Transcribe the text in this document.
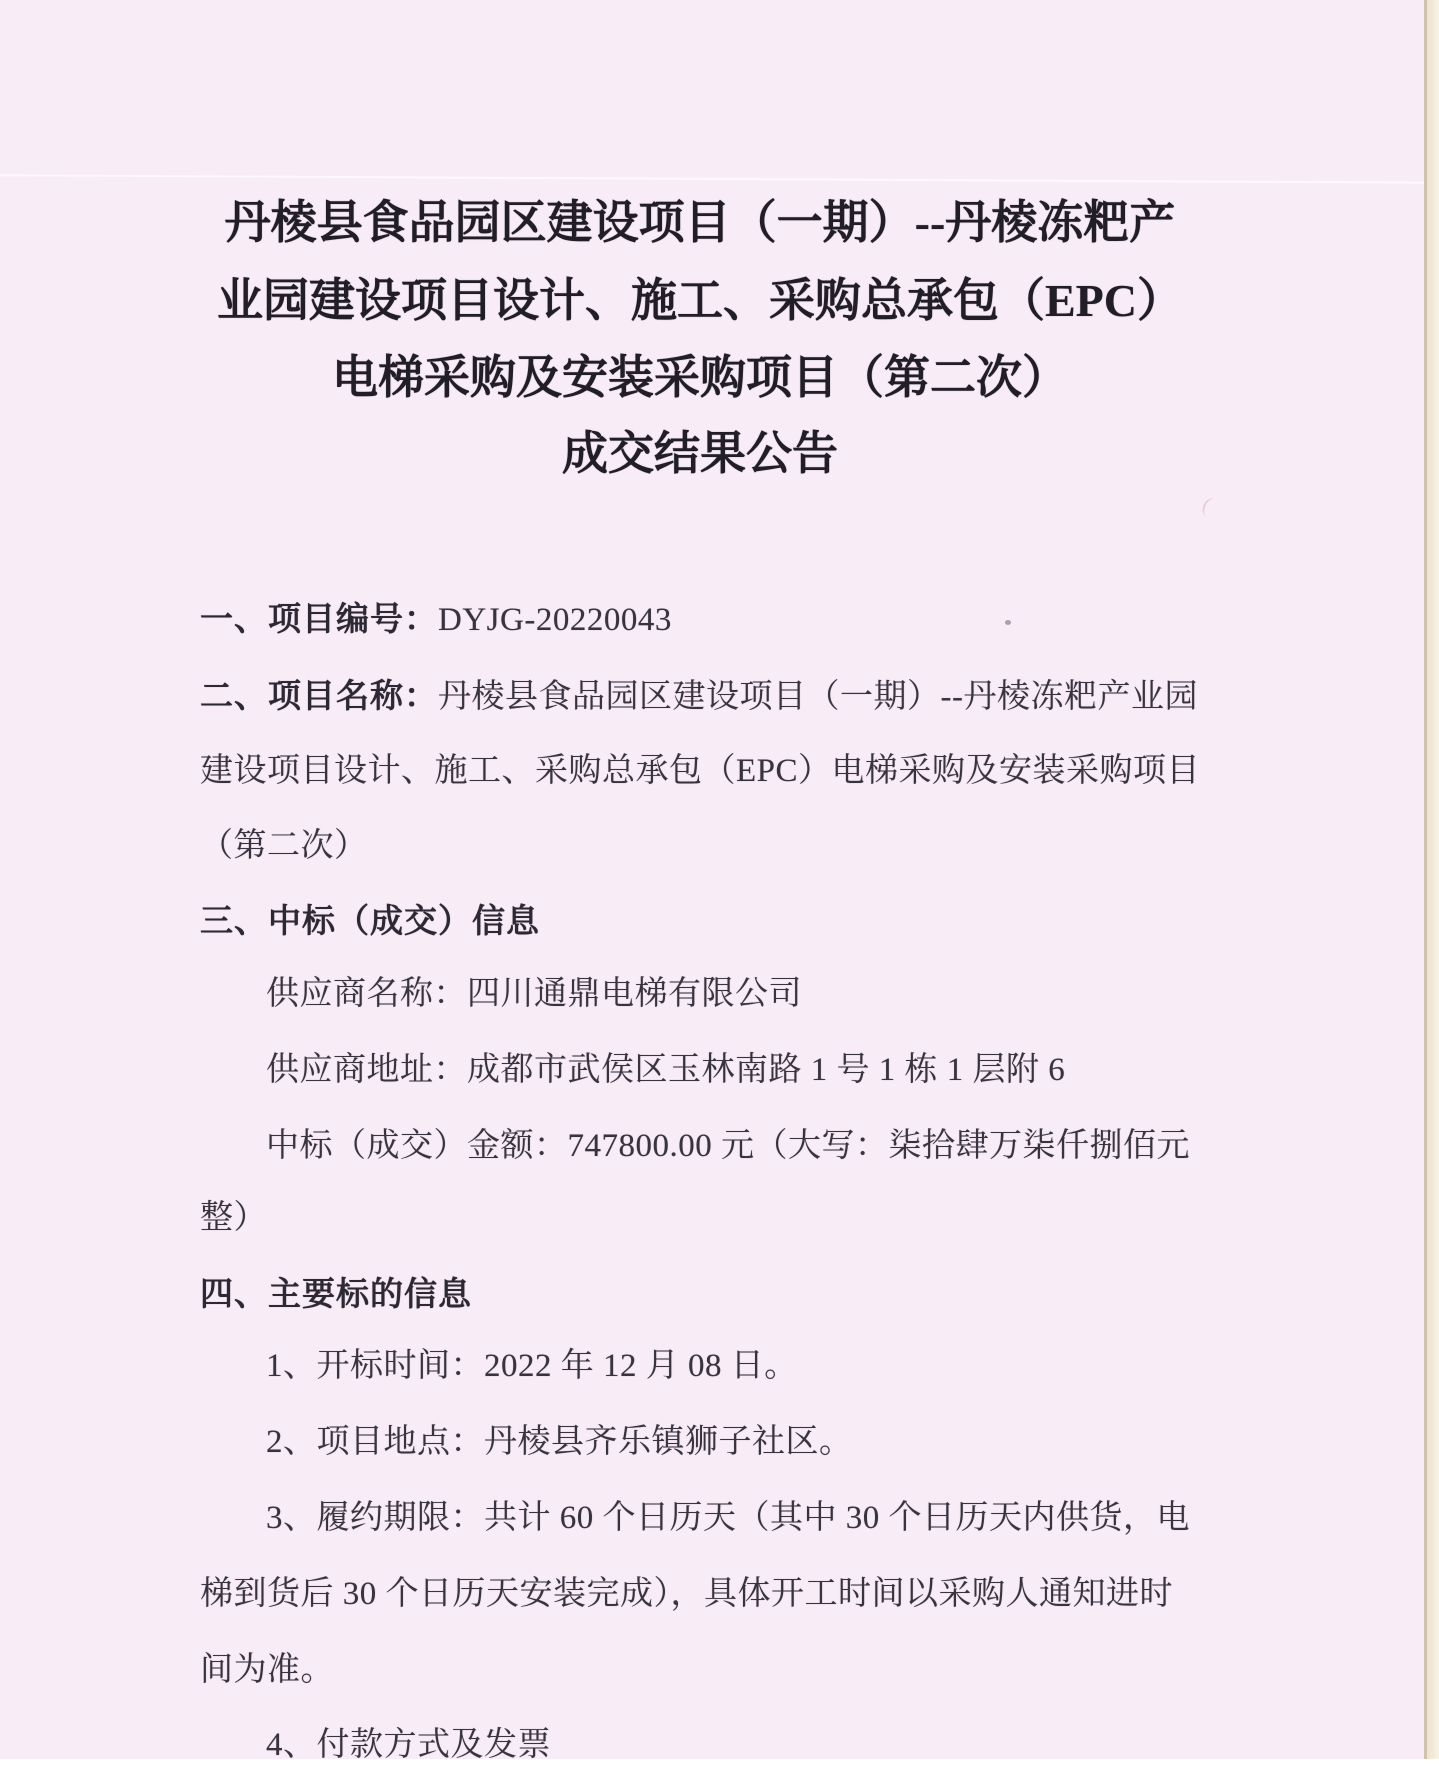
丹棱县食品园区建设项目（一期）--丹棱冻粑产
业园建设项目设计、施工、采购总承包（EPC）
电梯采购及安装采购项目（第二次）
成交结果公告
一、项目编号：DYJG-20220043
二、项目名称：丹棱县食品园区建设项目（一期）--丹棱冻粑产业园
建设项目设计、施工、采购总承包（EPC）电梯采购及安装采购项目
（第二次）
三、中标（成交）信息
供应商名称：四川通鼎电梯有限公司
供应商地址：成都市武侯区玉林南路 1 号 1 栋 1 层附 6
中标（成交）金额：747800.00 元（大写：柒拾肆万柒仟捌佰元
整）
四、主要标的信息
1、开标时间：2022 年 12 月 08 日。
2、项目地点：丹棱县齐乐镇狮子社区。
3、履约期限：共计 60 个日历天（其中 30 个日历天内供货，电
梯到货后 30 个日历天安装完成），具体开工时间以采购人通知进时
间为准。
4、付款方式及发票
